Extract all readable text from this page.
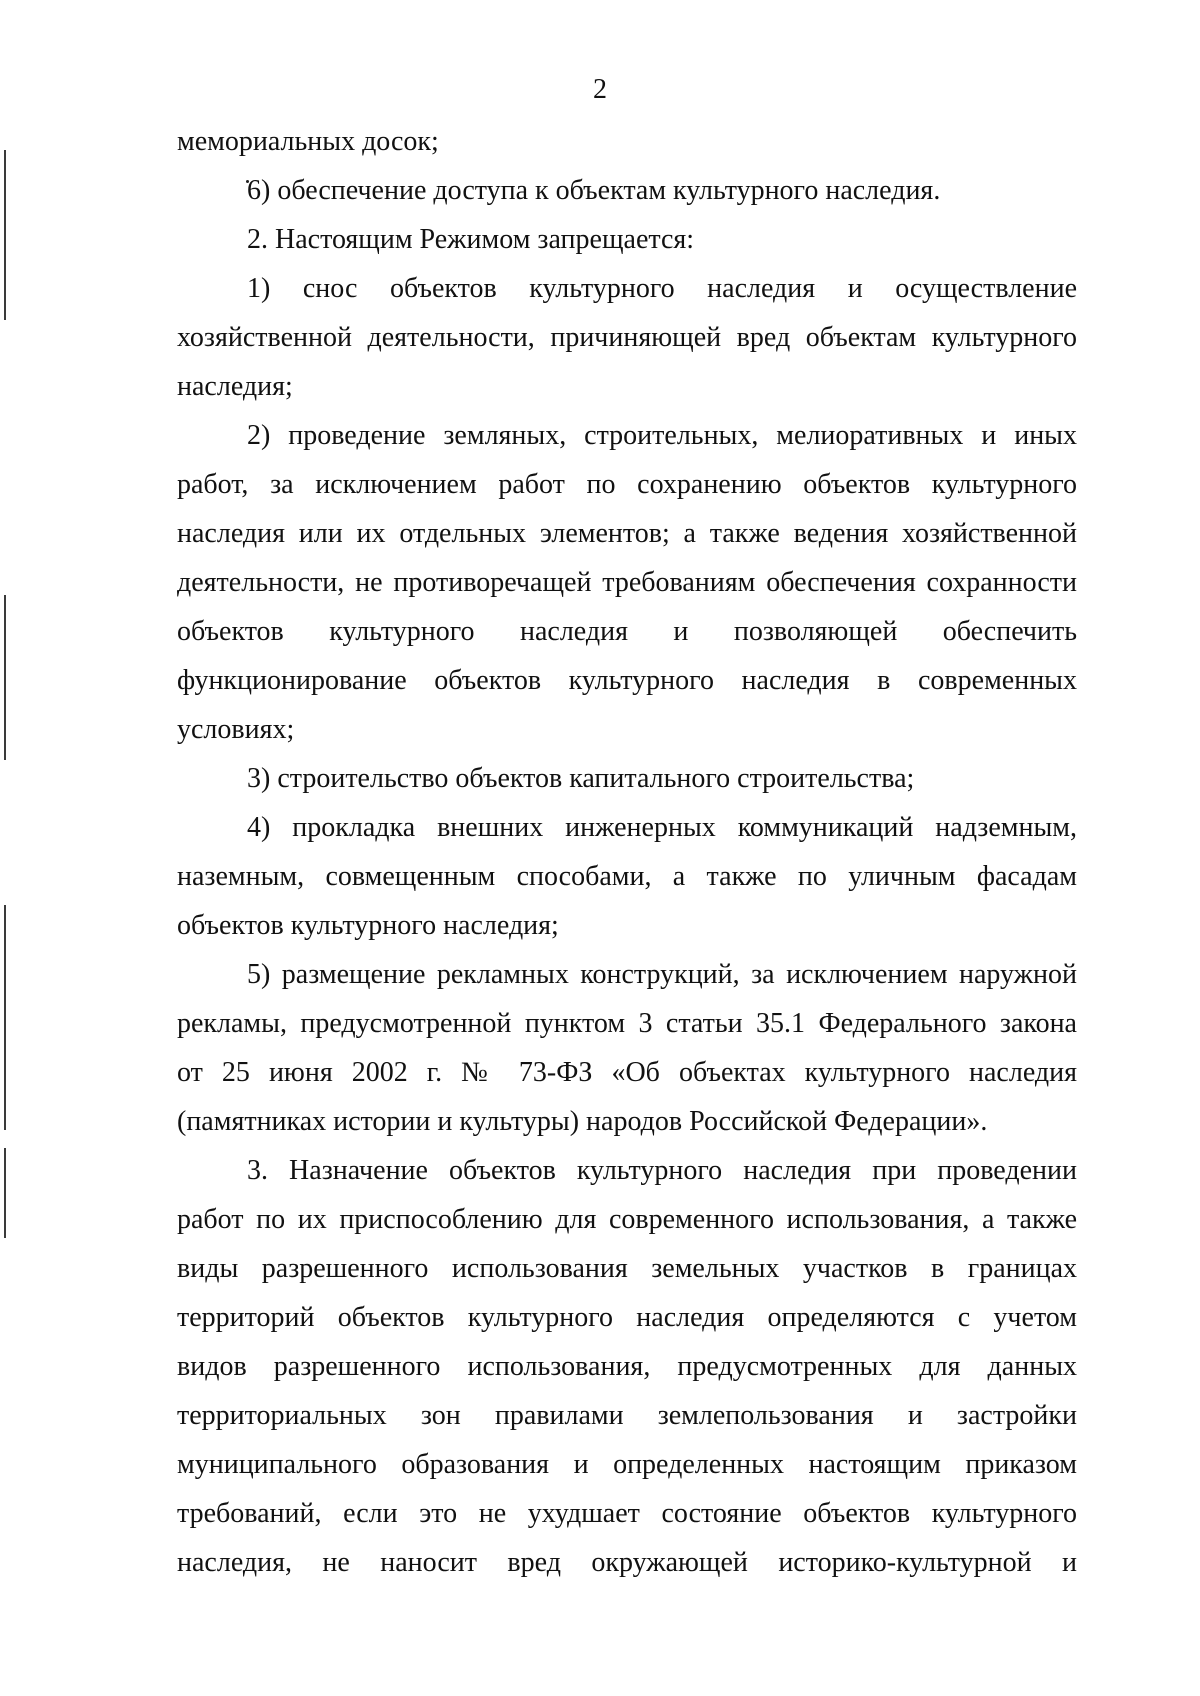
2
мемориальных досок;
6) обеспечение доступа к объектам культурного наследия.
2. Настоящим Режимом запрещается:
1) снос объектов культурного наследия и осуществление
хозяйственной деятельности, причиняющей вред объектам культурного
наследия;
2) проведение земляных, строительных, мелиоративных и иных
работ, за исключением работ по сохранению объектов культурного
наследия или их отдельных элементов; а также ведения хозяйственной
деятельности, не противоречащей требованиям обеспечения сохранности
объектов культурного наследия и позволяющей обеспечить
функционирование объектов культурного наследия в современных
условиях;
3) строительство объектов капитального строительства;
4) прокладка внешних инженерных коммуникаций надземным,
наземным, совмещенным способами, а также по уличным фасадам
объектов культурного наследия;
5) размещение рекламных конструкций, за исключением наружной
рекламы, предусмотренной пунктом 3 статьи 35.1 Федерального закона
от 25 июня 2002 г. № 73-ФЗ «Об объектах культурного наследия
(памятниках истории и культуры) народов Российской Федерации».
3. Назначение объектов культурного наследия при проведении
работ по их приспособлению для современного использования, а также
виды разрешенного использования земельных участков в границах
территорий объектов культурного наследия определяются с учетом
видов разрешенного использования, предусмотренных для данных
территориальных зон правилами землепользования и застройки
муниципального образования и определенных настоящим приказом
требований, если это не ухудшает состояние объектов культурного
наследия, не наносит вред окружающей историко-культурной и
